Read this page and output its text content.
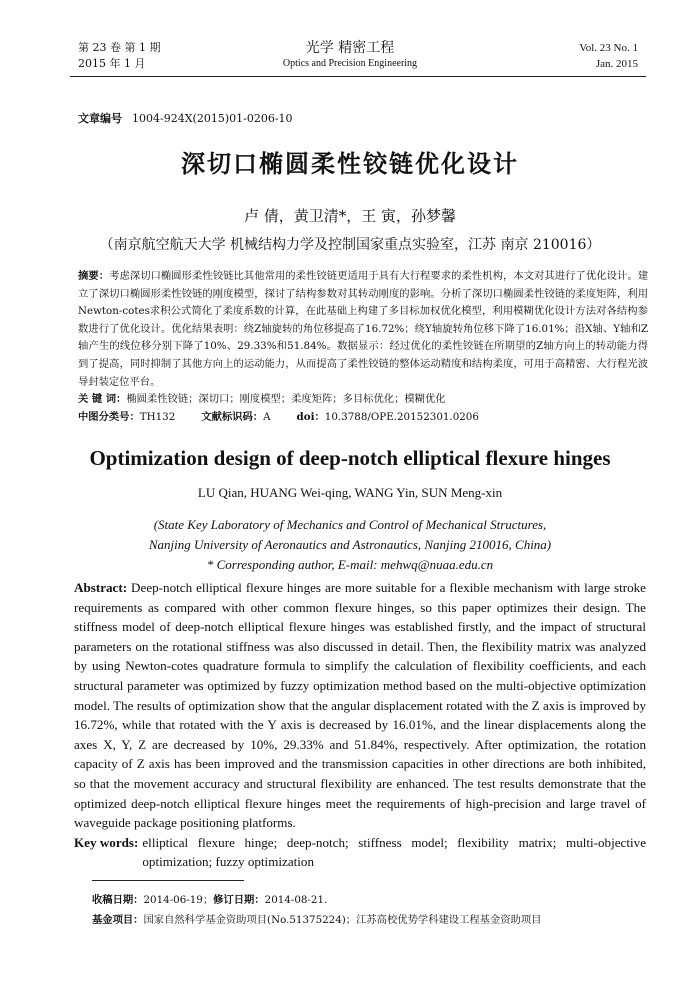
第 23 卷 第 1 期
2015 年 1 月
光学 精密工程
Optics and Precision Engineering
Vol. 23 No. 1
Jan. 2015
文章编号 1004-924X(2015)01-0206-10
深切口椭圆柔性铰链优化设计
卢 倩，黄卫清*，王 寅，孙梦馨
（南京航空航天大学 机械结构力学及控制国家重点实验室，江苏 南京 210016）

摘要：考虑深切口椭圆形柔性铰链比其他常用的柔性铰链更适用于具有大行程要求的柔性机构，本文对其进行了优化设计。建立了深切口椭圆形柔性铰链的刚度模型，探讨了结构参数对其转动刚度的影响。分析了深切口椭圆柔性铰链的柔度矩阵，利用Newton-cotes求积公式简化了柔度系数的计算，在此基础上构建了多目标加权优化模型，利用模糊优化设计方法对各结构参数进行了优化设计。优化结果表明：绕Z轴旋转的角位移提高了16.72%；绕Y轴旋转角位移下降了16.01%；沿X轴、Y轴和Z轴产生的线位移分别下降了10%、29.33%和51.84%。数据显示：经过优化的柔性铰链在所期望的Z轴方向上的转动能力得到了提高，同时抑制了其他方向上的运动能力，从而提高了柔性铰链的整体运动精度和结构柔度，可用于高精密、大行程光波导封装定位平台。

关 键 词：椭圆柔性铰链；深切口；刚度模型；柔度矩阵；多目标优化；模糊优化

中图分类号：TH132	文献标识码：A	doi：10.3788/OPE.20152301.0206

Optimization design of deep-notch elliptical flexure hinges
LU Qian, HUANG Wei-qing, WANG Yin, SUN Meng-xin
(State Key Laboratory of Mechanics and Control of Mechanical Structures,
Nanjing University of Aeronautics and Astronautics, Nanjing 210016, China)
* Corresponding author, E-mail: mehwq@nuaa.edu.cn

Abstract: Deep-notch elliptical flexure hinges are more suitable for a flexible mechanism with large stroke requirements as compared with other common flexure hinges, so this paper optimizes their design. The stiffness model of deep-notch elliptical flexure hinges was established firstly, and the impact of structural parameters on the rotational stiffness was also discussed in detail. Then, the flexibility matrix was analyzed by using Newton-cotes quadrature formula to simplify the calculation of flexibility coefficients, and each structural parameter was optimized by fuzzy optimization method based on the multi-objective optimization model. The results of optimization show that the angular displacement rotated with the Z axis is improved by 16.72%, while that rotated with the Y axis is decreased by 16.01%, and the linear displacements along the axes X, Y, Z are decreased by 10%, 29.33% and 51.84%, respectively. After optimization, the rotation capacity of Z axis has been improved and the transmission capacities in other directions are both inhibited, so that the movement accuracy and structural flexibility are enhanced. The test results demonstrate that the optimized deep-notch elliptical flexure hinges meet the requirements of high-precision and large travel of waveguide package positioning platforms.

Key words: elliptical flexure hinge; deep-notch; stiffness model; flexibility matrix; multi-objective optimization; fuzzy optimization
收稿日期：2014-06-19；修订日期：2014-08-21.
基金项目：国家自然科学基金资助项目(No.51375224)；江苏高校优势学科建设工程基金资助项目
